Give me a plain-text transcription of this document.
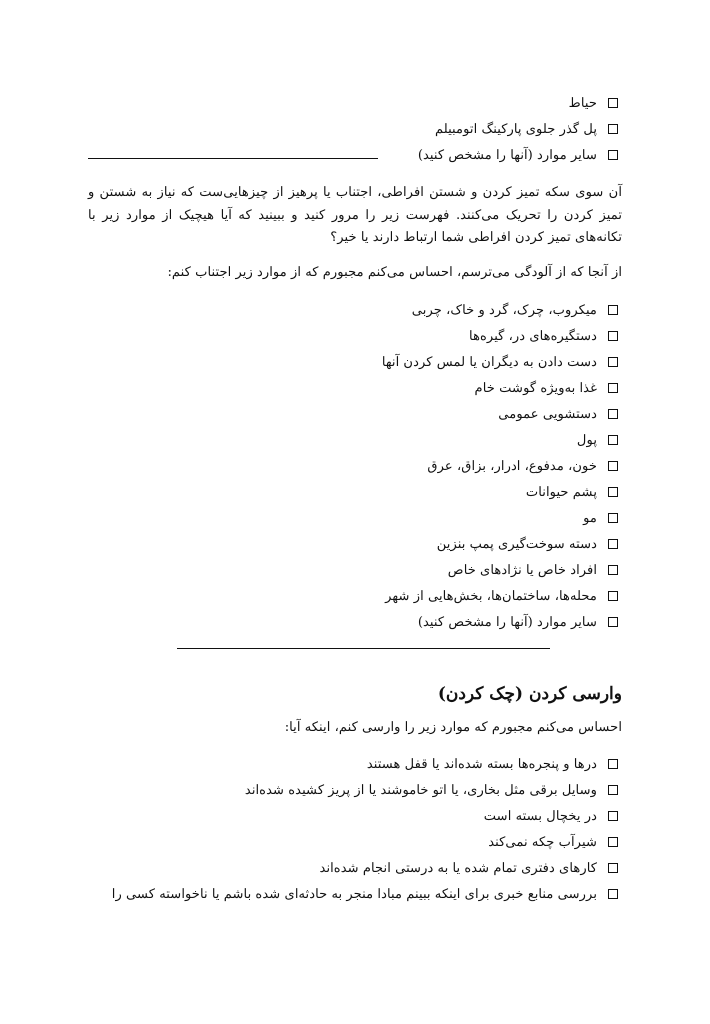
حیاط
پل گذر جلوی پارکینگ اتومبیلم
سایر موارد (آنها را مشخص کنید)
آن سوی سکه تمیز کردن و شستن افراطی، اجتناب یا پرهیز از چیزهایی‌ست که نیاز به شستن و تمیز کردن را تحریک می‌کنند. فهرست زیر را مرور کنید و ببینید که آیا هیچیک از موارد زیر با تکانه‌های تمیز کردن افراطی شما ارتباط دارند یا خیر؟
از آنجا که از آلودگی می‌ترسم، احساس می‌کنم مجبورم که از موارد زیر اجتناب کنم:
میکروب، چرک، گرد و خاک، چربی
دستگیره‌های در، گیره‌ها
دست دادن به دیگران یا لمس کردن آنها
غذا به‌ویژه گوشت خام
دستشویی عمومی
پول
خون، مدفوع، ادرار، بزاق، عرق
پشم حیوانات
مو
دسته سوخت‌گیری پمپ بنزین
افراد خاص یا نژادهای خاص
محله‌ها، ساختمان‌ها، بخش‌هایی از شهر
سایر موارد (آنها را مشخص کنید)
وارسی کردن (چک کردن)
احساس می‌کنم مجبورم که موارد زیر را وارسی کنم، اینکه آیا:
درها و پنجره‌ها بسته شده‌اند یا قفل هستند
وسایل برقی مثل بخاری، یا اتو خاموشند یا از پریز کشیده شده‌اند
در یخچال بسته است
شیرآب چکه نمی‌کند
کارهای دفتری تمام شده یا به درستی انجام شده‌اند
بررسی منابع خبری برای اینکه ببینم مبادا منجر به حادثه‌ای شده باشم یا ناخواسته کسی را
